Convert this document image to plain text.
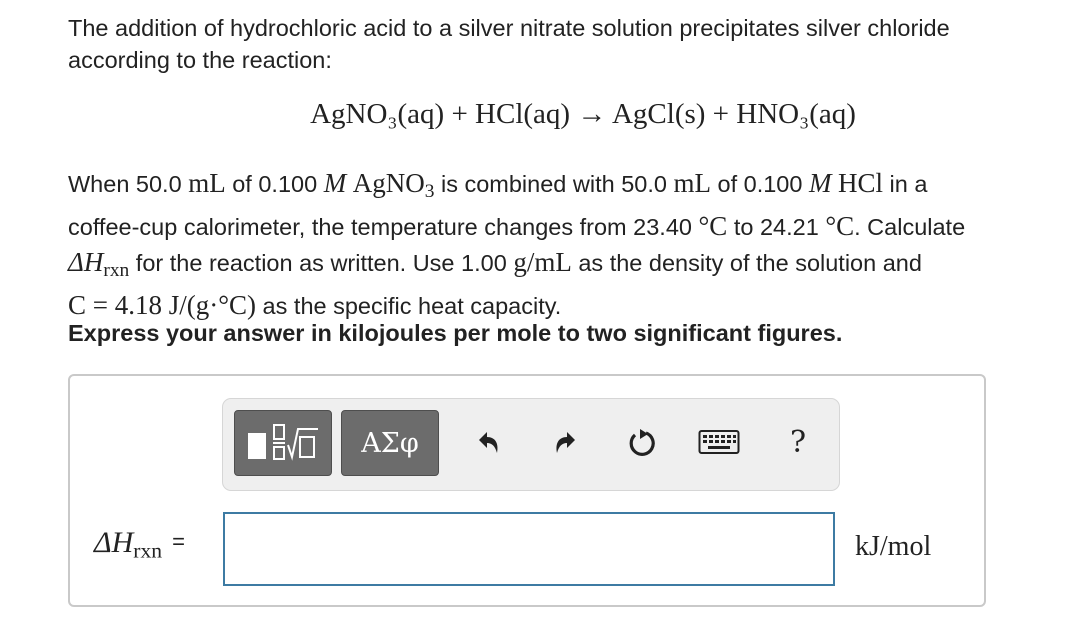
The addition of hydrochloric acid to a silver nitrate solution precipitates silver chloride
according to the reaction:
AgNO₃(aq) + HCl(aq) → AgCl(s) + HNO₃(aq)
When 50.0 mL of 0.100 M AgNO$_3$ is combined with 50.0 mL of 0.100 M HCl in a
coffee-cup calorimeter, the temperature changes from 23.40 °C to 24.21 °C. Calculate
$\Delta H_{rxn}$ for the reaction as written. Use 1.00 g/mL as the density of the solution and
C = 4.18 J/(g·°C) as the specific heat capacity.
Express your answer in kilojoules per mole to two significant figures.
ΑΣφ	?
$\Delta H_{rxn}$ =	kJ/mol
